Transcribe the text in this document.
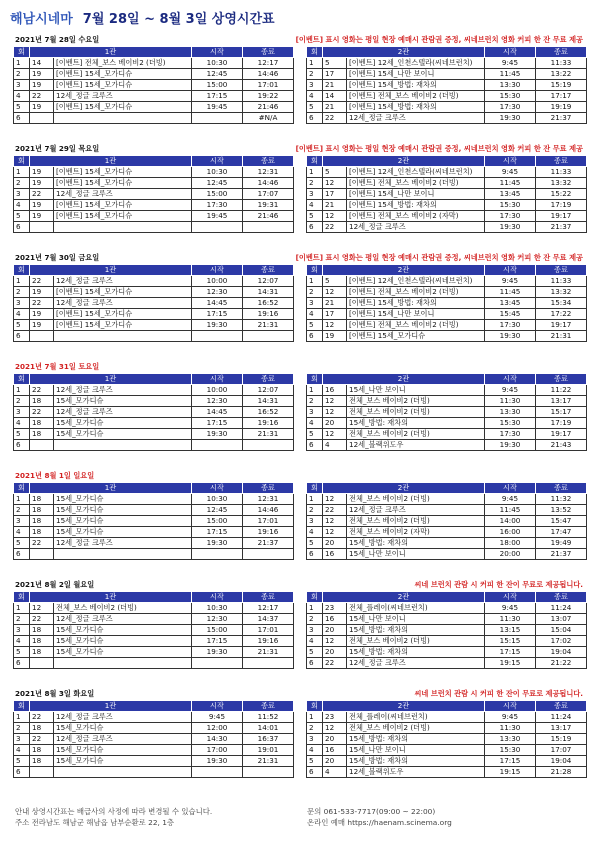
해남시네마 7월 28일 ~ 8월 3일 상영시간표
2021년 7월 28일 수요일	[이벤트] 표시 영화는 평일 현장 예매시 관람권 증정, 씨네브런치 영화 커피 한 잔 무료 제공
회	1관		시작	종료
1	14	[이벤트] 전체_보스 베이비2 (더빙)	10:30	12:17
2	19	[이벤트] 15세_모가디슈	12:45	14:46
3	19	[이벤트] 15세_모가디슈	15:00	17:01
4	22	12세_정글 크루즈	17:15	19:22
5	19	[이벤트] 15세_모가디슈	19:45	21:46
6				#N/A
회	2관		시작	종료
1	5	[이벤트] 12세_인천스텔라(씨네브런치)	9:45	11:33
2	17	[이벤트] 15세_나만 보이니	11:45	13:22
3	21	[이벤트] 15세_방법: 재차의	13:30	15:19
4	14	[이벤트] 전체_보스 베이비2 (더빙)	15:30	17:17
5	21	[이벤트] 15세_방법: 재차의	17:30	19:19
6	22	12세_정글 크루즈	19:30	21:37
2021년 7월 29일 목요일	[이벤트] 표시 영화는 평일 현장 예매시 관람권 증정, 씨네브런치 영화 커피 한 잔 무료 제공
회	1관		시작	종료
1	19	[이벤트] 15세_모가디슈	10:30	12:31
2	19	[이벤트] 15세_모가디슈	12:45	14:46
3	22	12세_정글 크루즈	15:00	17:07
4	19	[이벤트] 15세_모가디슈	17:30	19:31
5	19	[이벤트] 15세_모가디슈	19:45	21:46
6				
회	2관		시작	종료
1	5	[이벤트] 12세_인천스텔라(씨네브런치)	9:45	11:33
2	12	[이벤트] 전체_보스 베이비2 (더빙)	11:45	13:32
3	17	[이벤트] 15세_나만 보이니	13:45	15:22
4	21	[이벤트] 15세_방법: 재차의	15:30	17:19
5	12	[이벤트] 전체_보스 베이비2 (자막)	17:30	19:17
6	22	12세_정글 크루즈	19:30	21:37
2021년 7월 30일 금요일	[이벤트] 표시 영화는 평일 현장 예매시 관람권 증정, 씨네브런치 영화 커피 한 잔 무료 제공
회	1관		시작	종료
1	22	12세_정글 크루즈	10:00	12:07
2	19	[이벤트] 15세_모가디슈	12:30	14:31
3	22	12세_정글 크루즈	14:45	16:52
4	19	[이벤트] 15세_모가디슈	17:15	19:16
5	19	[이벤트] 15세_모가디슈	19:30	21:31
6				
회	2관		시작	종료
1	5	[이벤트] 12세_인천스텔라(씨네브런치)	9:45	11:33
2	12	[이벤트] 전체_보스 베이비2 (더빙)	11:45	13:32
3	21	[이벤트] 15세_방법: 재차의	13:45	15:34
4	17	[이벤트] 15세_나만 보이니	15:45	17:22
5	12	[이벤트] 전체_보스 베이비2 (더빙)	17:30	19:17
6	19	[이벤트] 15세_모가디슈	19:30	21:31
2021년 7월 31일 토요일
회	1관		시작	종료
1	22	12세_정글 크루즈	10:00	12:07
2	18	15세_모가디슈	12:30	14:31
3	22	12세_정글 크루즈	14:45	16:52
4	18	15세_모가디슈	17:15	19:16
5	18	15세_모가디슈	19:30	21:31
6				
회	2관		시작	종료
1	16	15세_나만 보이니	9:45	11:22
2	12	전체_보스 베이비2 (더빙)	11:30	13:17
3	12	전체_보스 베이비2 (더빙)	13:30	15:17
4	20	15세_방법: 재차의	15:30	17:19
5	12	전체_보스 베이비2 (더빙)	17:30	19:17
6	4	12세_블랙위도우	19:30	21:43
2021년 8월 1일 일요일
회	1관		시작	종료
1	18	15세_모가디슈	10:30	12:31
2	18	15세_모가디슈	12:45	14:46
3	18	15세_모가디슈	15:00	17:01
4	18	15세_모가디슈	17:15	19:16
5	22	12세_정글 크루즈	19:30	21:37
6				
회	2관		시작	종료
1	12	전체_보스 베이비2 (더빙)	9:45	11:32
2	22	12세_정글 크루즈	11:45	13:52
3	12	전체_보스 베이비2 (더빙)	14:00	15:47
4	12	전체_보스 베이비2 (자막)	16:00	17:47
5	20	15세_방법: 재차의	18:00	19:49
6	16	15세_나만 보이니	20:00	21:37
2021년 8월 2일 월요일	씨네 브런치 관람 시 커피 한 잔이 무료로 제공됩니다.
회	1관		시작	종료
1	12	전체_보스 베이비2 (더빙)	10:30	12:17
2	22	12세_정글 크루즈	12:30	14:37
3	18	15세_모가디슈	15:00	17:01
4	18	15세_모가디슈	17:15	19:16
5	18	15세_모가디슈	19:30	21:31
6				
회	2관		시작	종료
1	23	전체_플레이(씨네브런치)	9:45	11:24
2	16	15세_나만 보이니	11:30	13:07
3	20	15세_방법: 재차의	13:15	15:04
4	12	전체_보스 베이비2 (더빙)	15:15	17:02
5	20	15세_방법: 재차의	17:15	19:04
6	22	12세_정글 크루즈	19:15	21:22
2021년 8월 3일 화요일	씨네 브런치 관람 시 커피 한 잔이 무료로 제공됩니다.
회	1관		시작	종료
1	22	12세_정글 크루즈	9:45	11:52
2	18	15세_모가디슈	12:00	14:01
3	22	12세_정글 크루즈	14:30	16:37
4	18	15세_모가디슈	17:00	19:01
5	18	15세_모가디슈	19:30	21:31
6				
회	2관		시작	종료
1	23	전체_플레이(씨네브런치)	9:45	11:24
2	12	전체_보스 베이비2 (더빙)	11:30	13:17
3	20	15세_방법: 재차의	13:30	15:19
4	16	15세_나만 보이니	15:30	17:07
5	20	15세_방법: 재차의	17:15	19:04
6	4	12세_블랙위도우	19:15	21:28
안내 상영시간표는 배급사의 사정에 따라 변경될 수 있습니다.	문의 061-533-7717(09:00 ~ 22:00)
주소 전라남도 해남군 해남읍 남부순환로 22, 1층	온라인 예매 https://haenam.scinema.org
